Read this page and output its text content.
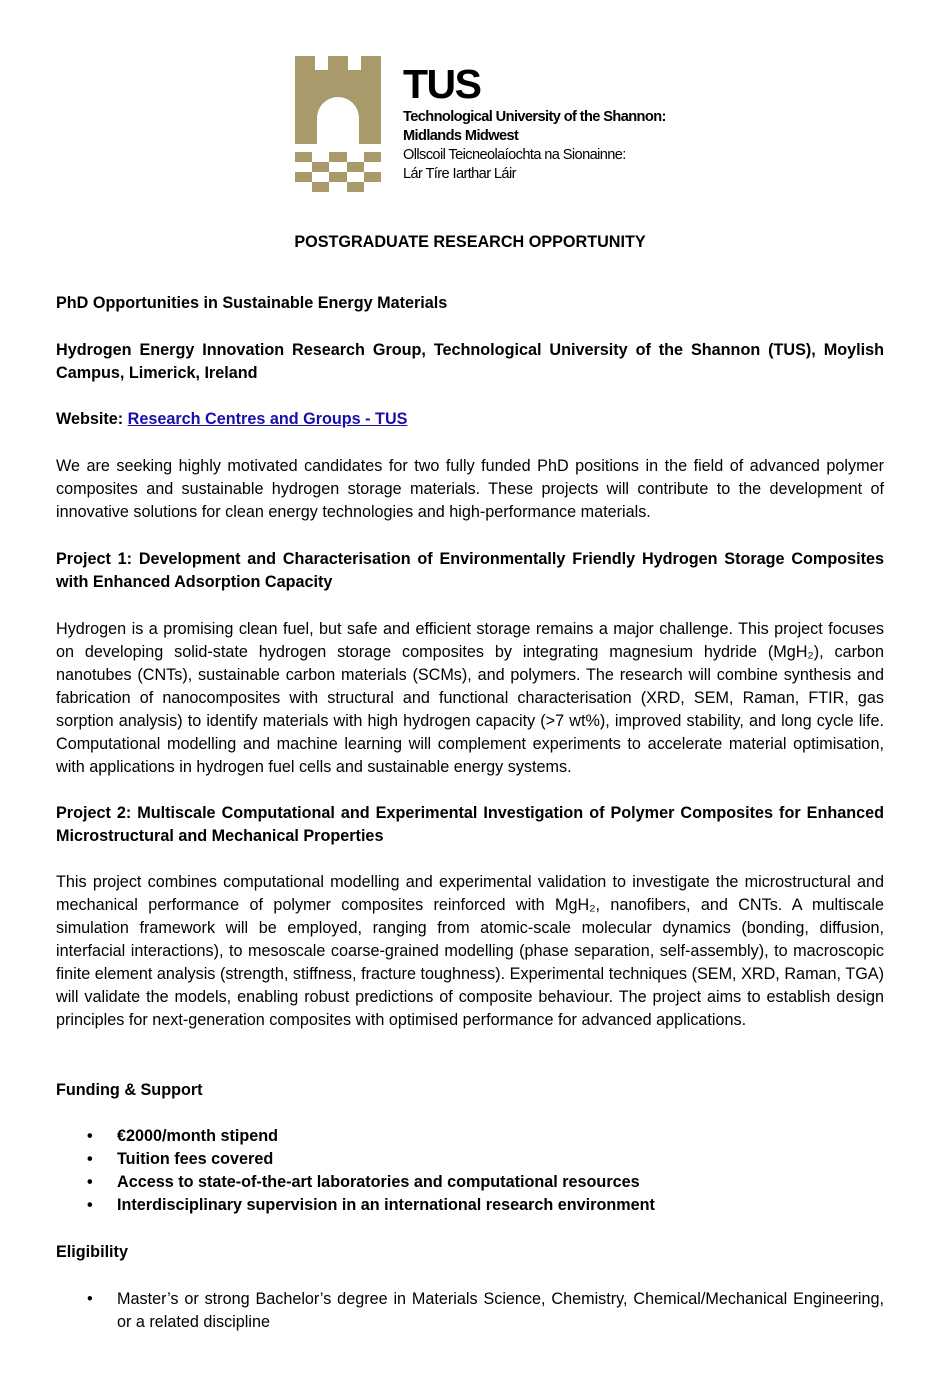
TUS
Technological University of the Shannon:
Midlands Midwest
Ollscoil Teicneolaíochta na Sionainne:
Lár Tíre Iarthar Láir

POSTGRADUATE RESEARCH OPPORTUNITY

PhD Opportunities in Sustainable Energy Materials

Hydrogen Energy Innovation Research Group, Technological University of the Shannon (TUS), Moylish Campus, Limerick, Ireland

Website: Research Centres and Groups - TUS

We are seeking highly motivated candidates for two fully funded PhD positions in the field of advanced polymer composites and sustainable hydrogen storage materials. These projects will contribute to the development of innovative solutions for clean energy technologies and high-performance materials.

Project 1: Development and Characterisation of Environmentally Friendly Hydrogen Storage Composites with Enhanced Adsorption Capacity

Hydrogen is a promising clean fuel, but safe and efficient storage remains a major challenge. This project focuses on developing solid-state hydrogen storage composites by integrating magnesium hydride (MgH₂), carbon nanotubes (CNTs), sustainable carbon materials (SCMs), and polymers. The research will combine synthesis and fabrication of nanocomposites with structural and functional characterisation (XRD, SEM, Raman, FTIR, gas sorption analysis) to identify materials with high hydrogen capacity (>7 wt%), improved stability, and long cycle life. Computational modelling and machine learning will complement experiments to accelerate material optimisation, with applications in hydrogen fuel cells and sustainable energy systems.

Project 2: Multiscale Computational and Experimental Investigation of Polymer Composites for Enhanced Microstructural and Mechanical Properties

This project combines computational modelling and experimental validation to investigate the microstructural and mechanical performance of polymer composites reinforced with MgH₂, nanofibers, and CNTs. A multiscale simulation framework will be employed, ranging from atomic-scale molecular dynamics (bonding, diffusion, interfacial interactions), to mesoscale coarse-grained modelling (phase separation, self-assembly), to macroscopic finite element analysis (strength, stiffness, fracture toughness). Experimental techniques (SEM, XRD, Raman, TGA) will validate the models, enabling robust predictions of composite behaviour. The project aims to establish design principles for next-generation composites with optimised performance for advanced applications.

Funding & Support

• €2000/month stipend
• Tuition fees covered
• Access to state-of-the-art laboratories and computational resources
• Interdisciplinary supervision in an international research environment

Eligibility

• Master’s or strong Bachelor’s degree in Materials Science, Chemistry, Chemical/Mechanical Engineering, or a related discipline
